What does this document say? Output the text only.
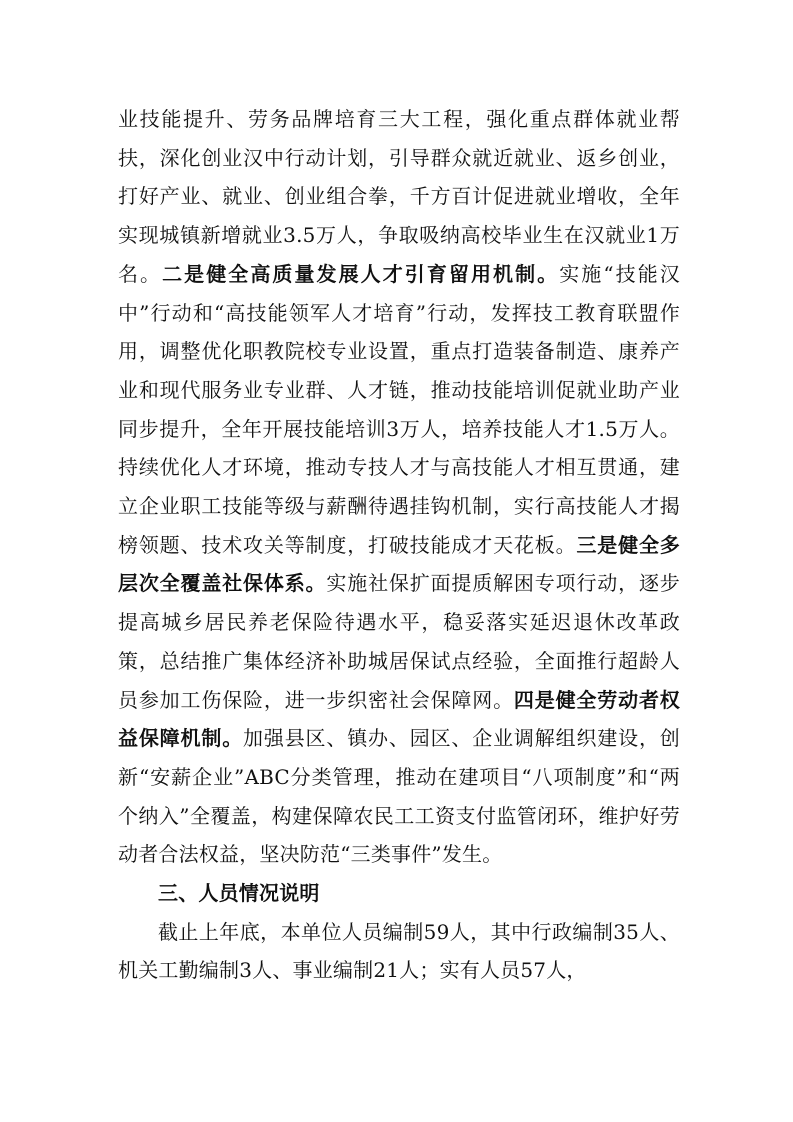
业技能提升、劳务品牌培育三大工程，强化重点群体就业帮扶，深化创业汉中行动计划，引导群众就近就业、返乡创业，打好产业、就业、创业组合拳，千方百计促进就业增收，全年实现城镇新增就业3.5万人，争取吸纳高校毕业生在汉就业1万名。二是健全高质量发展人才引育留用机制。实施“技能汉中”行动和“高技能领军人才培育”行动，发挥技工教育联盟作用，调整优化职教院校专业设置，重点打造装备制造、康养产业和现代服务业专业群、人才链，推动技能培训促就业助产业同步提升，全年开展技能培训3万人，培养技能人才1.5万人。持续优化人才环境，推动专技人才与高技能人才相互贯通，建立企业职工技能等级与薪酬待遇挂钩机制，实行高技能人才揭榜领题、技术攻关等制度，打破技能成才天花板。三是健全多层次全覆盖社保体系。实施社保扩面提质解困专项行动，逐步提高城乡居民养老保险待遇水平，稳妥落实延迟退休改革政策，总结推广集体经济补助城居保试点经验，全面推行超龄人员参加工伤保险，进一步织密社会保障网。四是健全劳动者权益保障机制。加强县区、镇办、园区、企业调解组织建设，创新“安薪企业”ABC分类管理，推动在建项目“八项制度”和“两个纳入”全覆盖，构建保障农民工工资支付监管闭环，维护好劳动者合法权益，坚决防范“三类事件”发生。

三、人员情况说明

截止上年底，本单位人员编制59人，其中行政编制35人、机关工勤编制3人、事业编制21人；实有人员57人，
